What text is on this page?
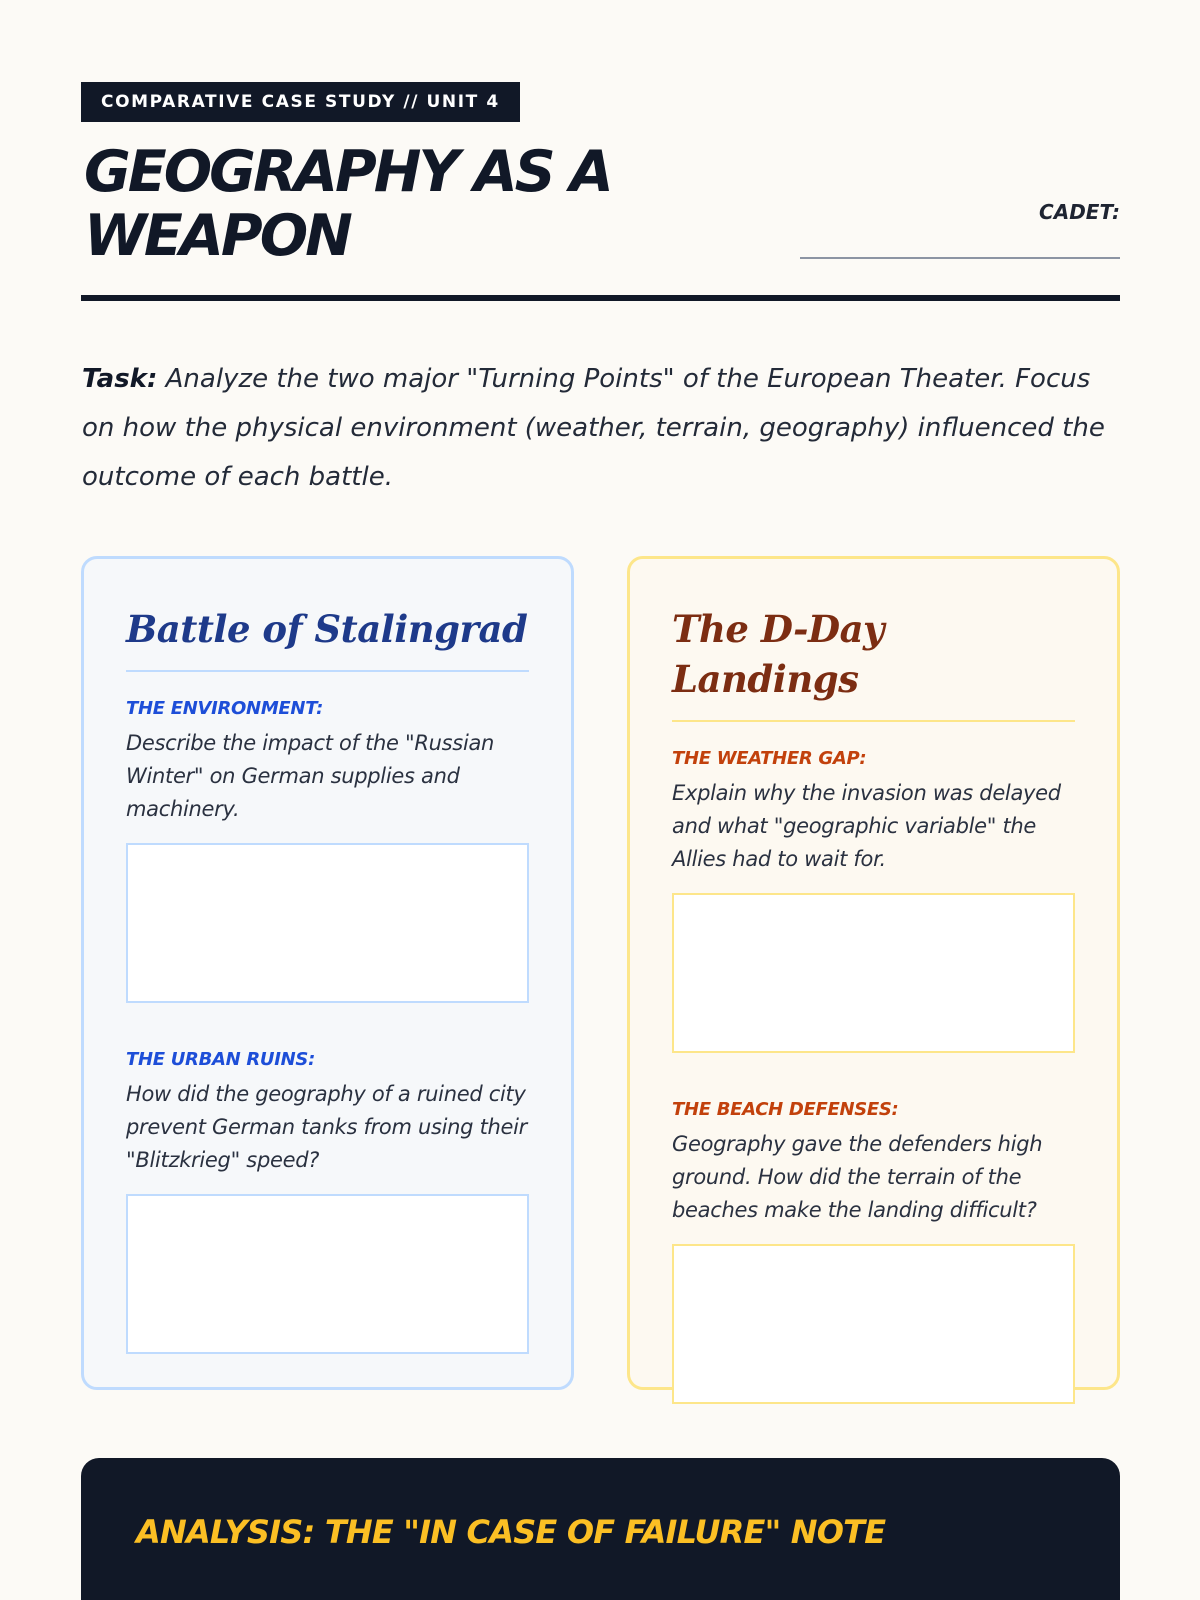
COMPARATIVE CASE STUDY // UNIT 4
GEOGRAPHY AS A WEAPON	CADET:

Task: Analyze the two major "Turning Points" of the European Theater. Focus on how the physical environment (weather, terrain, geography) influenced the outcome of each battle.

Battle of Stalingrad
THE ENVIRONMENT:
Describe the impact of the "Russian Winter" on German supplies and machinery.
THE URBAN RUINS:
How did the geography of a ruined city prevent German tanks from using their "Blitzkrieg" speed?
The D-Day Landings
THE WEATHER GAP:
Explain why the invasion was delayed and what "geographic variable" the Allies had to wait for.
THE BEACH DEFENSES:
Geography gave the defenders high ground. How did the terrain of the beaches make the landing difficult?
ANALYSIS: THE "IN CASE OF FAILURE" NOTE
